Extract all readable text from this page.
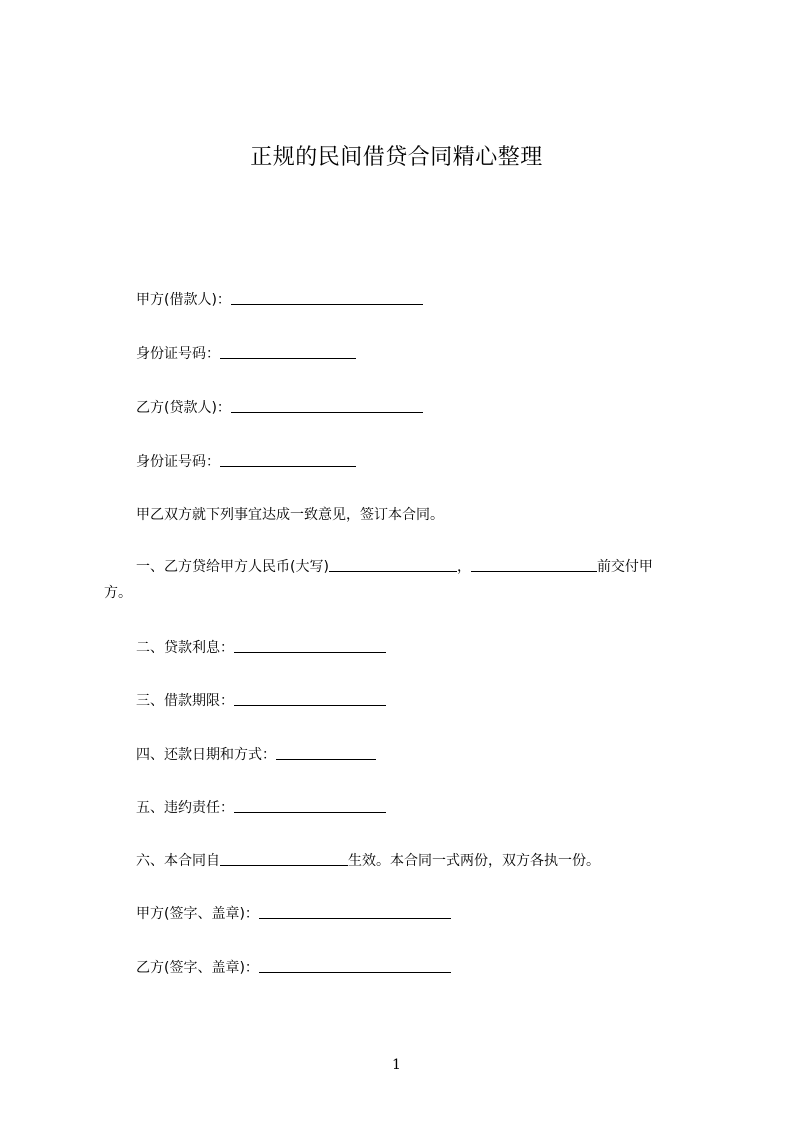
正规的民间借贷合同精心整理
甲方(借款人)：
身份证号码：
乙方(贷款人)：
身份证号码：
甲乙双方就下列事宜达成一致意见，签订本合同。
一、乙方贷给甲方人民币(大写)	，	前交付甲
方。
二、贷款利息：
三、借款期限：
四、还款日期和方式：
五、违约责任：
六、本合同自	生效。本合同一式两份，双方各执一份。
甲方(签字、盖章)：
乙方(签字、盖章)：
1
